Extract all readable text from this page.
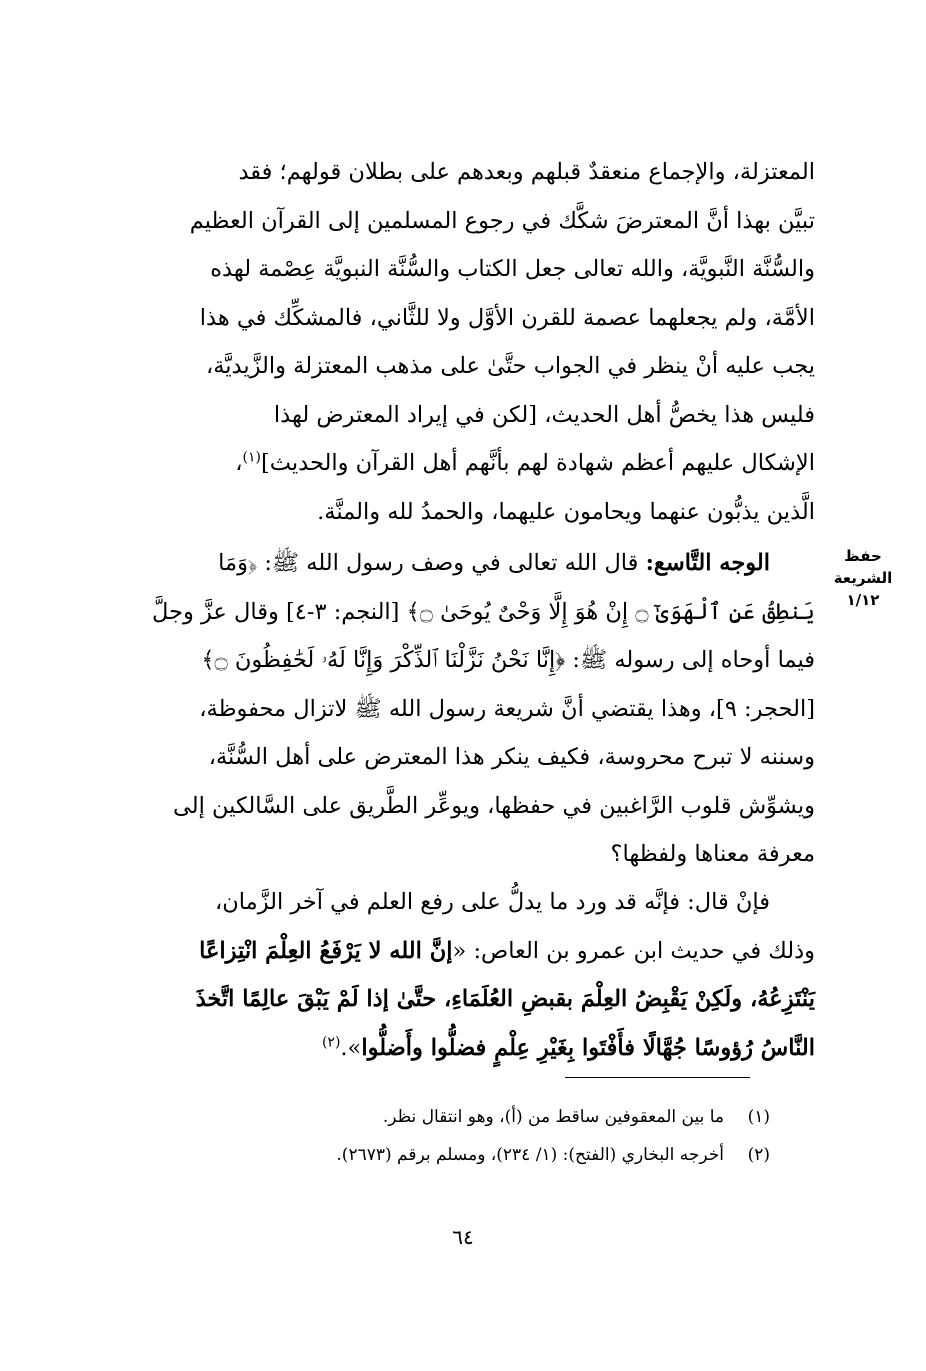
المعتزلة، والإجماع منعقدٌ قبلهم وبعدهم على بطلان قولهم؛ فقد
تبيَّن بهذا أنَّ المعترضَ شكَّك في رجوع المسلمين إلى القرآن العظيم
والسُّنَّة النَّبويَّة، والله تعالى جعل الكتاب والسُّنَّة النبويَّة عِصْمة لهذه
الأمَّة، ولم يجعلهما عصمة للقرن الأوَّل ولا للثَّاني، فالمشكِّك في هذا
يجب عليه أنْ ينظر في الجواب حتَّىٰ على مذهب المعتزلة والزَّيديَّة،
فليس هذا يخصُّ أهل الحديث، [لكن في إيراد المعترض لهذا
الإشكال عليهم أعظم شهادة لهم بأنَّهم أهل القرآن والحديث]$^{(١)}$،
الَّذين يذبُّون عنهما ويحامون عليهما، والحمدُ لله والمنَّة.
حفظ الشريعة
١/١٢
  الوجه التَّاسع: قال الله تعالى في وصف رسول الله ﷺ: ﴿وَمَا
يَنطِقُ عَنِ ٱلْهَوَىٰٓ ۝ إِنْ هُوَ إِلَّا وَحْىٌ يُوحَىٰ ۝﴾ [النجم: ٣-٤] وقال عزَّ وجلَّ
فيما أوحاه إلى رسوله ﷺ: ﴿إِنَّا نَحْنُ نَزَّلْنَا ٱلذِّكْرَ وَإِنَّا لَهُۥ لَحَٰفِظُونَ ۝﴾
[الحجر: ٩]، وهذا يقتضي أنَّ شريعة رسول الله ﷺ لاتزال محفوظة،
وسننه لا تبرح محروسة، فكيف ينكر هذا المعترض على أهل السُّنَّة،
ويشوِّش قلوب الرَّاغبين في حفظها، ويوعِّر الطَّريق على السَّالكين إلى
معرفة معناها ولفظها؟
  فإنْ قال: فإنَّه قد ورد ما يدلُّ على رفع العلم في آخر الزَّمان،
وذلك في حديث ابن عمرو بن العاص: «إنَّ الله لا يَرْفَعُ العِلْمَ انْتِزاعًا
يَنْتَزِعُهُ، ولَكِنْ يَقْبِضُ العِلْمَ بقبضِ العُلَمَاءِ، حتَّىٰ إذا لَمْ يَبْقَ عالِمًا اتَّخذَ
النَّاسُ رُؤوسًا جُهَّالًا فأَفْتَوا بِغَيْرِ عِلْمٍ فضلُّوا وأَضلُّوا».$^{(٢)}$
(١)ما بين المعقوفين ساقط من (أ)، وهو انتقال نظر.
(٢)أخرجه البخاري (الفتح): (١/ ٢٣٤)، ومسلم برقم (٢٦٧٣).
٦٤
